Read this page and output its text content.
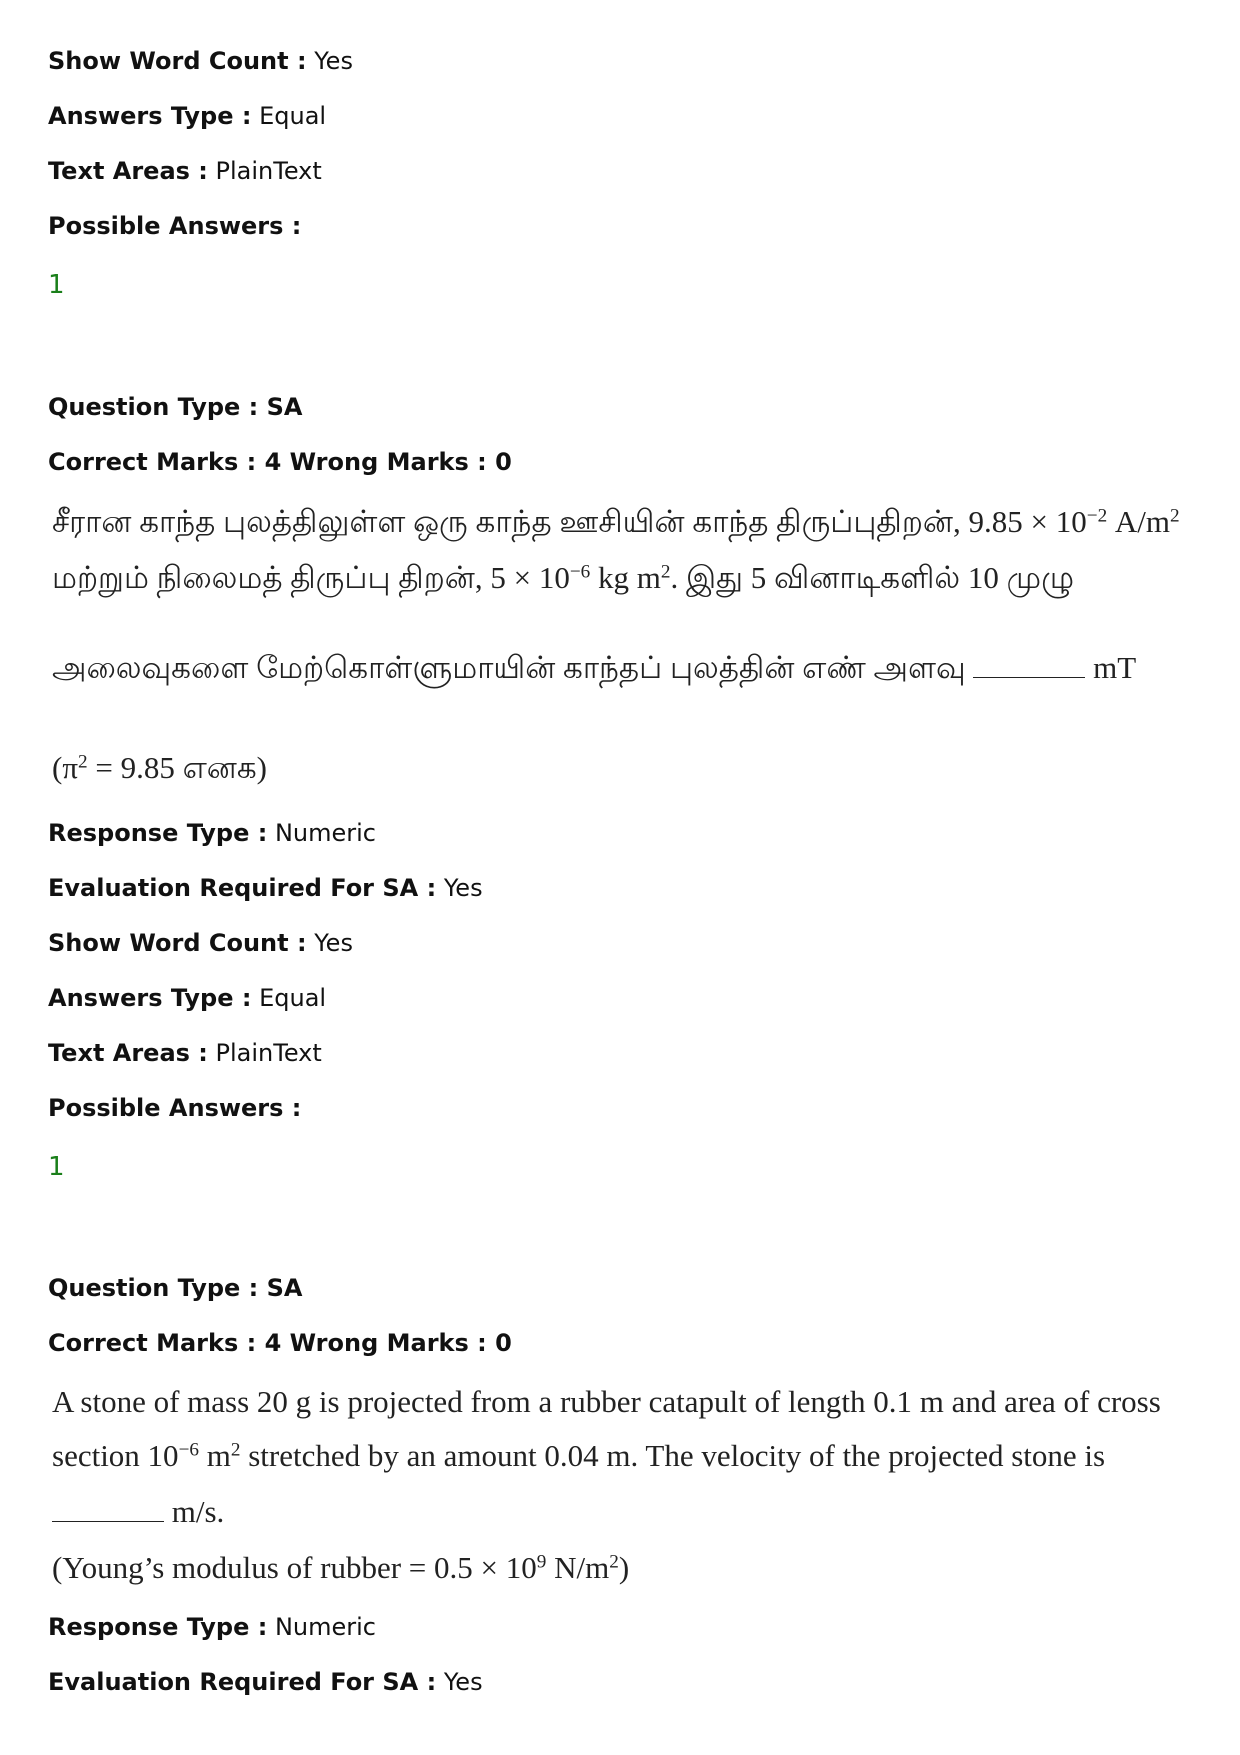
Show Word Count : Yes
Answers Type : Equal
Text Areas : PlainText
Possible Answers :
1
Question Type : SA
Correct Marks : 4 Wrong Marks : 0
சீரான காந்த புலத்திலுள்ள ஒரு காந்த ஊசியின் காந்த திருப்புதிறன், $9.85 \times 10^{-2}$ $A/m^2$
மற்றும் நிலைமத் திருப்பு திறன், $5 \times 10^{-6}$ kg $m^2$. இது 5 வினாடிகளில் 10 முழு
அலைவுகளை மேற்கொள்ளுமாயின் காந்தப் புலத்தின் எண் அளவு	mT
($\pi^2 = 9.85$ எனக)
Response Type : Numeric
Evaluation Required For SA : Yes
Show Word Count : Yes
Answers Type : Equal
Text Areas : PlainText
Possible Answers :
1
Question Type : SA
Correct Marks : 4 Wrong Marks : 0
A stone of mass 20 g is projected from a rubber catapult of length 0.1 m and area of cross
section $10^{-6}$ $m^2$ stretched by an amount 0.04 m. The velocity of the projected stone is
m/s.
(Young’s modulus of rubber = $0.5 \times 10^9$ $N/m^2$)
Response Type : Numeric
Evaluation Required For SA : Yes
